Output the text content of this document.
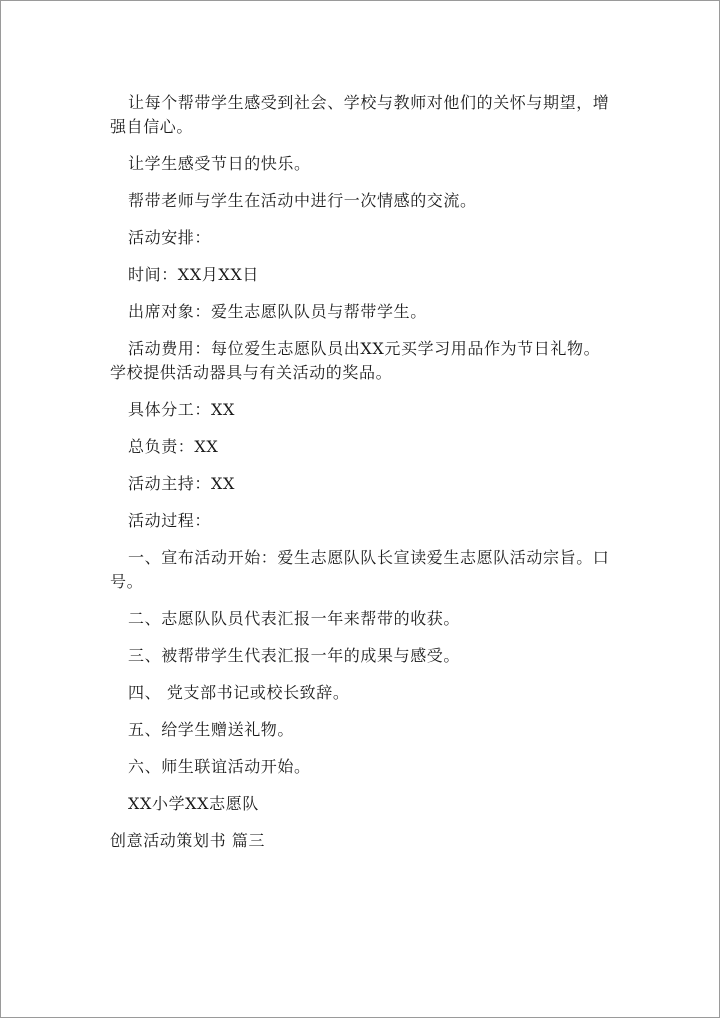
让每个帮带学生感受到社会、学校与教师对他们的关怀与期望，增
强自信心。
让学生感受节日的快乐。
帮带老师与学生在活动中进行一次情感的交流。
活动安排：
时间：XX月XX日
出席对象：爱生志愿队队员与帮带学生。
活动费用：每位爱生志愿队员出XX元买学习用品作为节日礼物。
学校提供活动器具与有关活动的奖品。
具体分工：XX
总负责：XX
活动主持：XX
活动过程：
一、宣布活动开始：爱生志愿队队长宣读爱生志愿队活动宗旨。口
号。
二、志愿队队员代表汇报一年来帮带的收获。
三、被帮带学生代表汇报一年的成果与感受。
四、 党支部书记或校长致辞。
五、给学生赠送礼物。
六、师生联谊活动开始。
XX小学XX志愿队
创意活动策划书 篇三
